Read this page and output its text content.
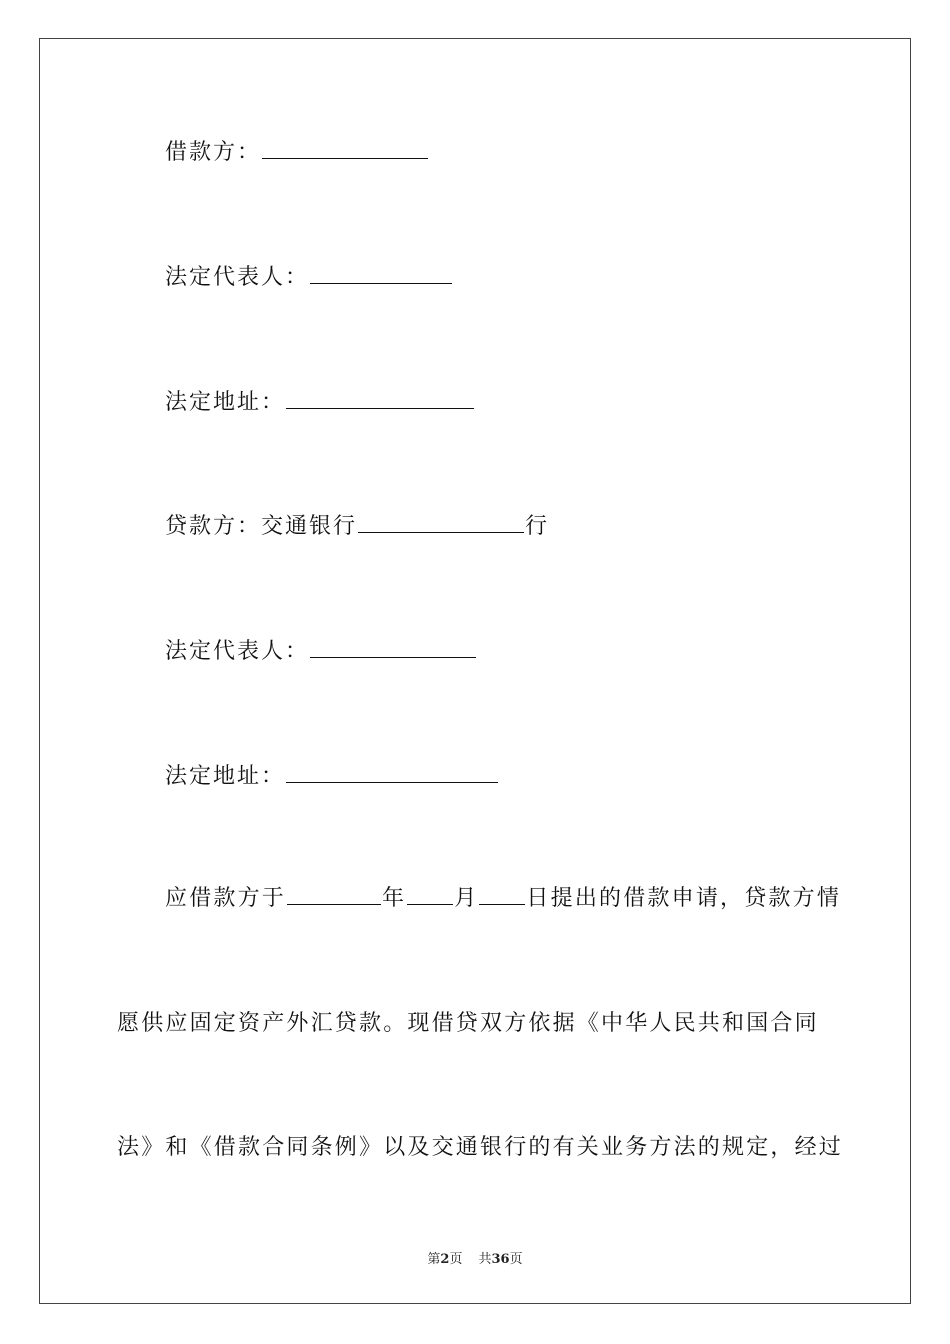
借款方：
法定代表人：
法定地址：
贷款方：交通银行	行
法定代表人：
法定地址：
应借款方于	年 月 日提出的借款申请，贷款方情
愿供应固定资产外汇贷款。现借贷双方依据《中华人民共和国合同
法》和《借款合同条例》以及交通银行的有关业务方法的规定，经过
第2页 共36页
